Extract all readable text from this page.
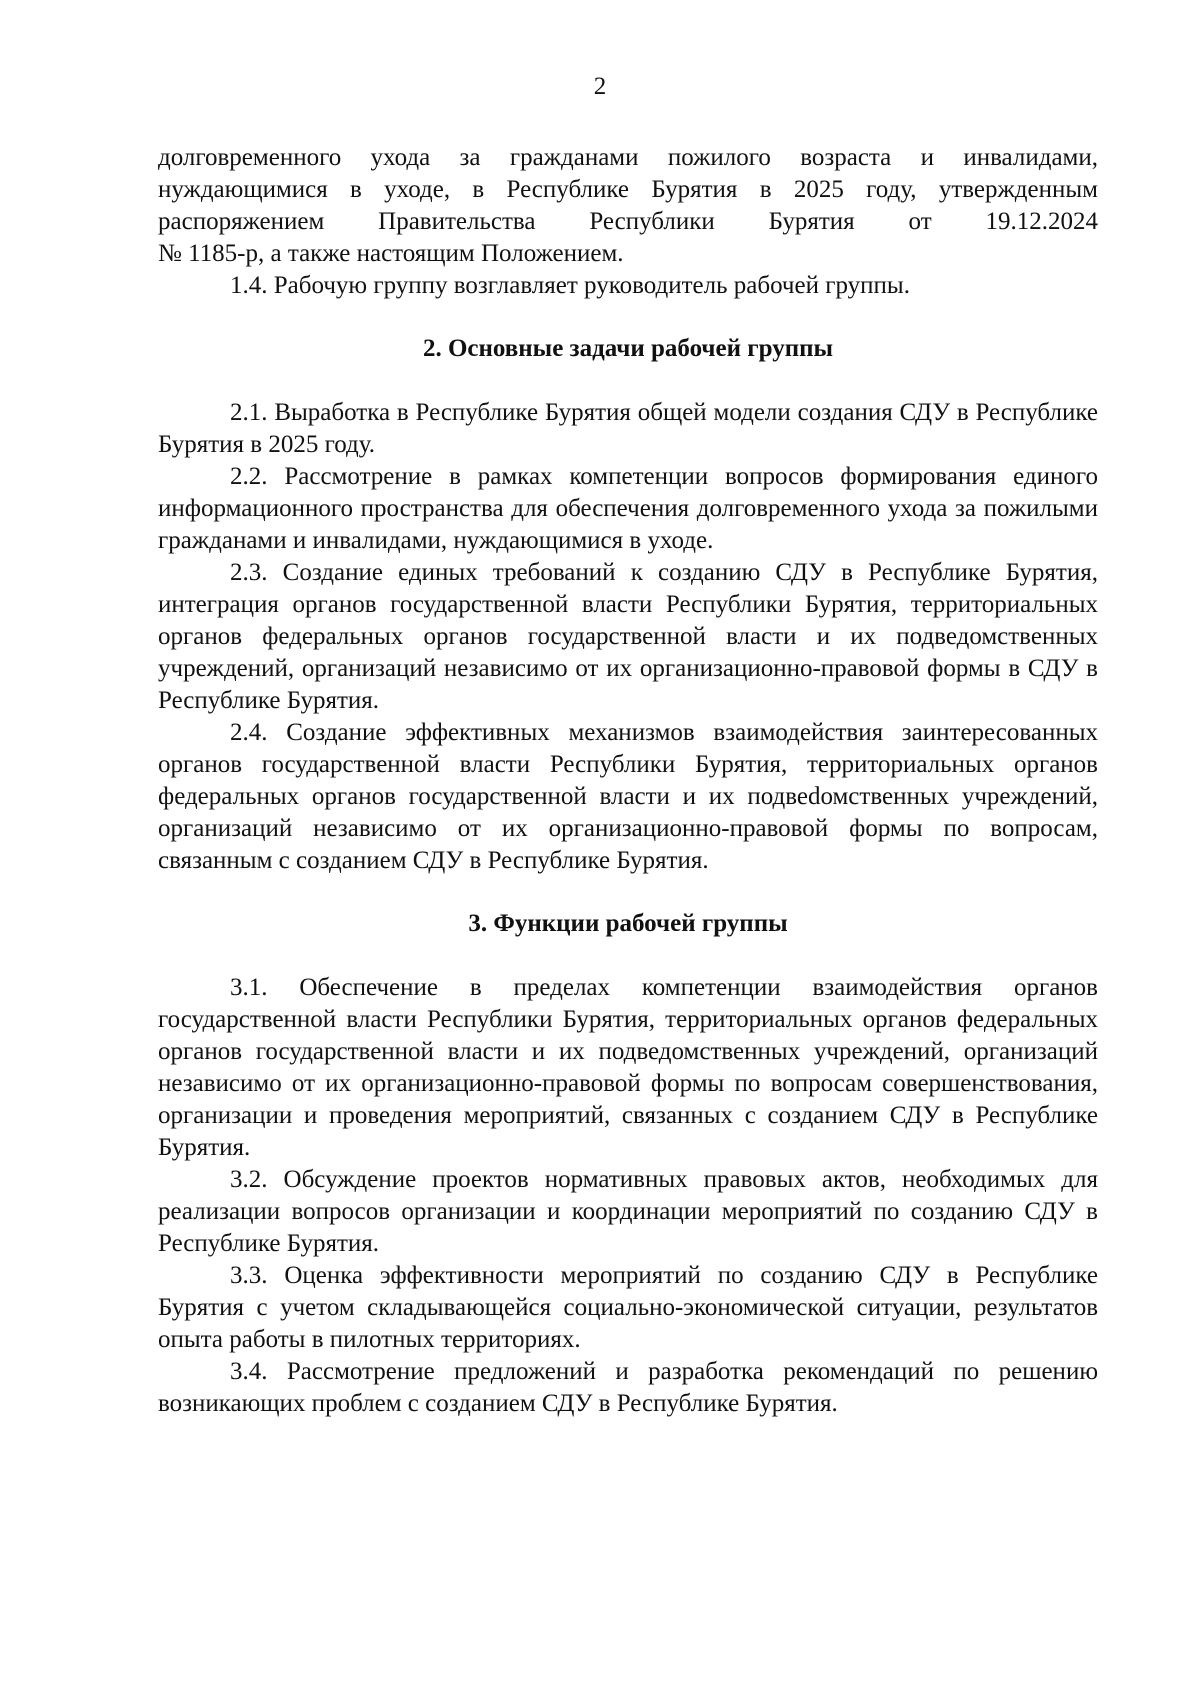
2

долговременного ухода за гражданами пожилого возраста и инвалидами,

нуждающимися в уходе, в Республике Бурятия в 2025 году, утвержденным

распоряжением Правительства Республики Бурятия от 19.12.2024

№ 1185-р, а также настоящим Положением.

1.4. Рабочую группу возглавляет руководитель рабочей группы.

2. Основные задачи рабочей группы

2.1. Выработка в Республике Бурятия общей модели создания СДУ в Республике Бурятия в 2025 году.

2.2. Рассмотрение в рамках компетенции вопросов формирования единого информационного пространства для обеспечения долговременного ухода за пожилыми гражданами и инвалидами, нуждающимися в уходе.

2.3. Создание единых требований к созданию СДУ в Республике Бурятия, интеграция органов государственной власти Республики Бурятия, территориальных органов федеральных органов государственной власти и их подведомственных учреждений, организаций независимо от их организационно-правовой формы в СДУ в Республике Бурятия.

2.4. Создание эффективных механизмов взаимодействия заинтересованных органов государственной власти Республики Бурятия, территориальных органов федеральных органов государственной власти и их подвеdомственных учреждений, организаций независимо от их организационно-правовой формы по вопросам, связанным с созданием СДУ в Республике Бурятия.

3. Функции рабочей группы

3.1. Обеспечение в пределах компетенции взаимодействия органов государственной власти Республики Бурятия, территориальных органов федеральных органов государственной власти и их подведомственных учреждений, организаций независимо от их организационно-правовой формы по вопросам совершенствования, организации и проведения мероприятий, связанных с созданием СДУ в Республике Бурятия.

3.2. Обсуждение проектов нормативных правовых актов, необходимых для реализации вопросов организации и координации мероприятий по созданию СДУ в Республике Бурятия.

3.3. Оценка эффективности мероприятий по созданию СДУ в Республике Бурятия с учетом складывающейся социально-экономической ситуации, результатов опыта работы в пилотных территориях.

3.4. Рассмотрение предложений и разработка рекомендаций по решению возникающих проблем с созданием СДУ в Республике Бурятия.
